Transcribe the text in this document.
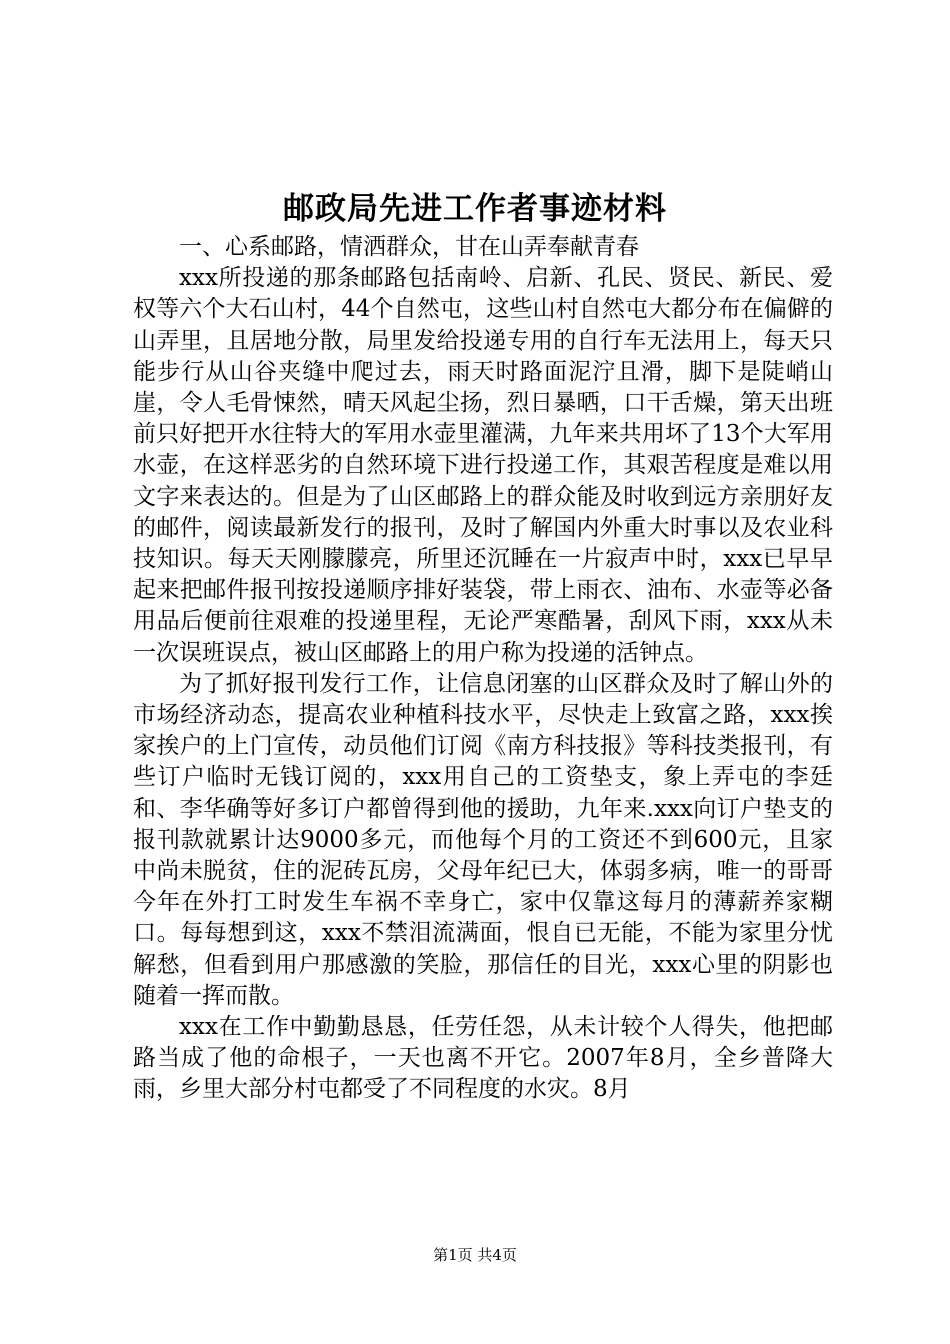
邮政局先进工作者事迹材料

一、心系邮路，情洒群众，甘在山弄奉献青春

xxx所投递的那条邮路包括南岭、启新、孔民、贤民、新民、爱权等六个大石山村，44个自然屯，这些山村自然屯大都分布在偏僻的山弄里，且居地分散，局里发给投递专用的自行车无法用上，每天只能步行从山谷夹缝中爬过去，雨天时路面泥泞且滑，脚下是陡峭山崖，令人毛骨悚然，晴天风起尘扬，烈日暴晒，口干舌燥，第天出班前只好把开水往特大的军用水壶里灌满，九年来共用坏了13个大军用水壶，在这样恶劣的自然环境下进行投递工作，其艰苦程度是难以用文字来表达的。但是为了山区邮路上的群众能及时收到远方亲朋好友的邮件，阅读最新发行的报刊，及时了解国内外重大时事以及农业科技知识。每天天刚朦朦亮，所里还沉睡在一片寂声中时，xxx已早早起来把邮件报刊按投递顺序排好装袋，带上雨衣、油布、水壶等必备用品后便前往艰难的投递里程，无论严寒酷暑，刮风下雨，xxx从未一次误班误点，被山区邮路上的用户称为投递的活钟点。

为了抓好报刊发行工作，让信息闭塞的山区群众及时了解山外的市场经济动态，提高农业种植科技水平，尽快走上致富之路，xxx挨家挨户的上门宣传，动员他们订阅《南方科技报》等科技类报刊，有些订户临时无钱订阅的，xxx用自己的工资垫支，象上弄屯的李廷和、李华确等好多订户都曾得到他的援助，九年来.xxx向订户垫支的报刊款就累计达9000多元，而他每个月的工资还不到600元，且家中尚未脱贫，住的泥砖瓦房，父母年纪已大，体弱多病，唯一的哥哥今年在外打工时发生车祸不幸身亡，家中仅靠这每月的薄薪养家糊口。每每想到这，xxx不禁泪流满面，恨自已无能，不能为家里分忧解愁，但看到用户那感激的笑脸，那信任的目光，xxx心里的阴影也随着一挥而散。

xxx在工作中勤勤恳恳，任劳任怨，从未计较个人得失，他把邮路当成了他的命根子，一天也离不开它。2007年8月，全乡普降大雨，乡里大部分村屯都受了不同程度的水灾。8月

第1页 共4页
